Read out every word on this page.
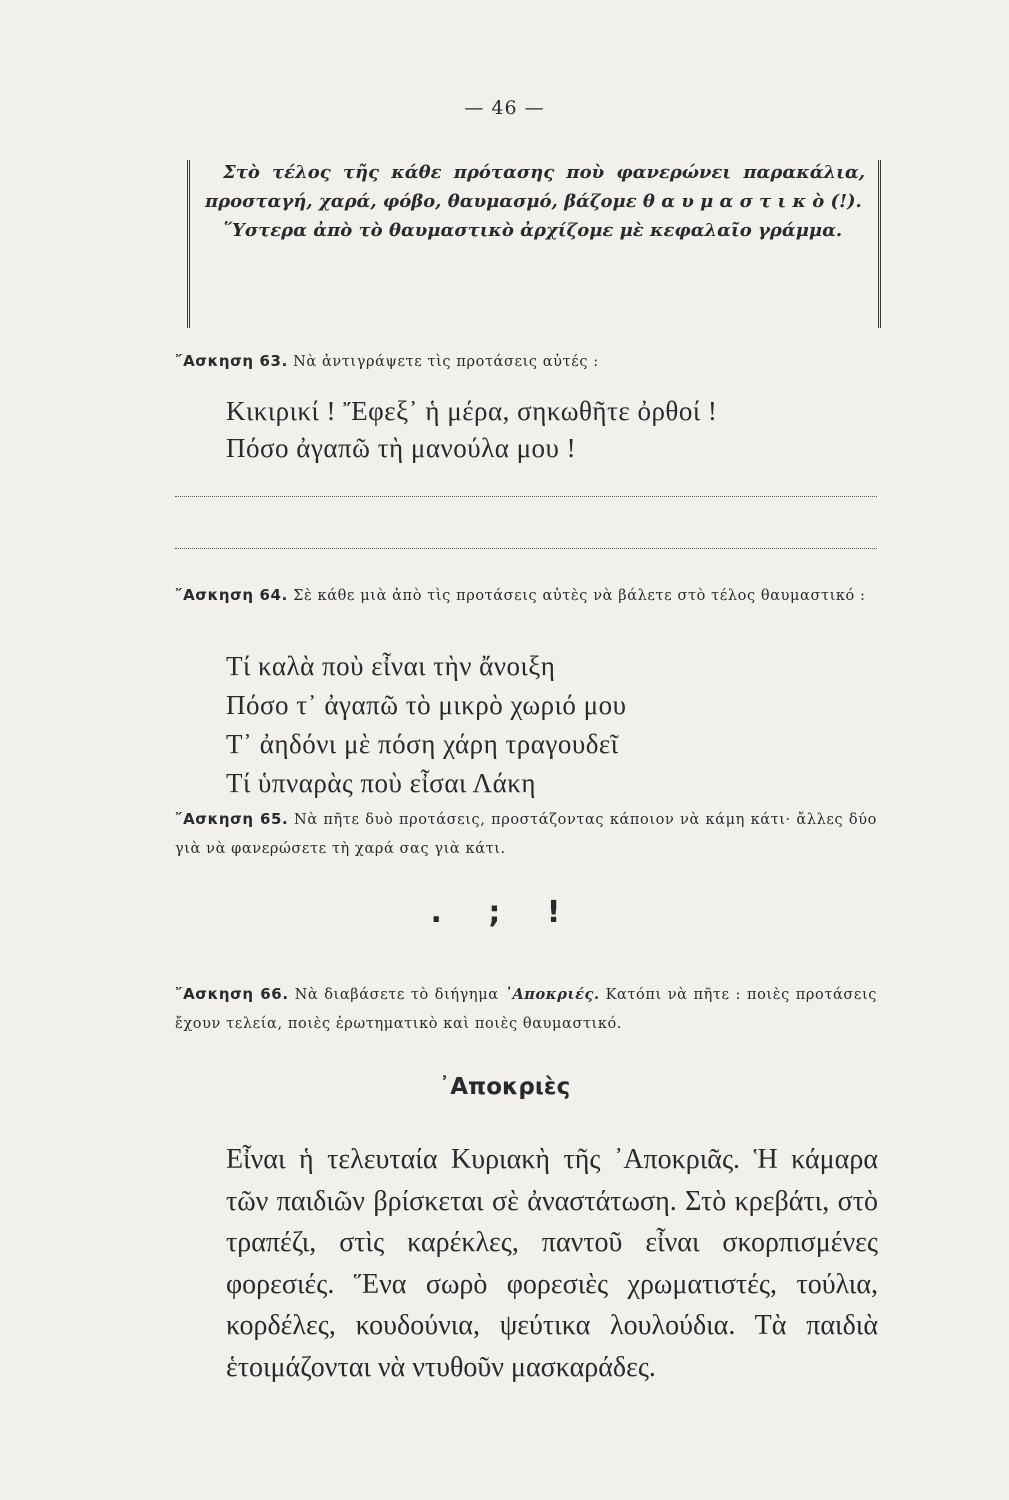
— 46 —

Στὸ τέλος τῆς κάθε πρότασης ποὺ φανερώνει παρακάλια, προσταγή, χαρά, φόβο, θαυμασμό, βάζομε θ α υ μ α σ τ ι κ ὸ (!).

῞Υστερα ἀπὸ τὸ θαυμαστικὸ ἀρχίζομε μὲ κεφαλαῖο γράμμα.

῎Ασκηση 63. Νὰ ἀντιγράψετε τὶς προτάσεις αὐτές :
Κικιρικί ! Ἔφεξ᾽ ἡ μέρα, σηκωθῆτε ὀρθοί !
Πόσο ἀγαπῶ τὴ μανούλα μου !
῎Ασκηση 64. Σὲ κάθε μιὰ ἀπὸ τὶς προτάσεις αὐτὲς νὰ βάλετε στὸ τέλος θαυμαστικό :
Τί καλὰ ποὺ εἶναι τὴν ἄνοιξη
Πόσο τ᾽ ἀγαπῶ τὸ μικρὸ χωριό μου
Τ᾽ ἀηδόνι μὲ πόση χάρη τραγουδεῖ
Τί ὑπναρὰς ποὺ εἶσαι Λάκη
῎Ασκηση 65. Νὰ πῆτε δυὸ προτάσεις, προστάζοντας κάποιον νὰ κάμη κάτι· ἄλλες δύο γιὰ νὰ φανερώσετε τὴ χαρά σας γιὰ κάτι.
. ; !
῎Ασκηση 66. Νὰ διαβάσετε τὸ διήγημα ᾿Αποκριές. Κατόπι νὰ πῆτε : ποιὲς προτάσεις ἔχουν τελεία, ποιὲς ἐρωτηματικὸ καὶ ποιὲς θαυμαστικό.
᾿Αποκριὲς
Εἶναι ἡ τελευταία Κυριακὴ τῆς ᾿Αποκριᾶς. Ἡ κάμαρα τῶν παιδιῶν βρίσκεται σὲ ἀναστάτωση. Στὸ κρεβάτι, στὸ τραπέζι, στὶς καρέκλες, παντοῦ εἶναι σκορπισμένες φορεσιές. Ἕνα σωρὸ φορεσιὲς χρωματιστές, τούλια, κορδέλες, κουδούνια, ψεύτικα λουλούδια. Τὰ παιδιὰ ἑτοιμάζονται νὰ ντυθοῦν μασκαράδες.
